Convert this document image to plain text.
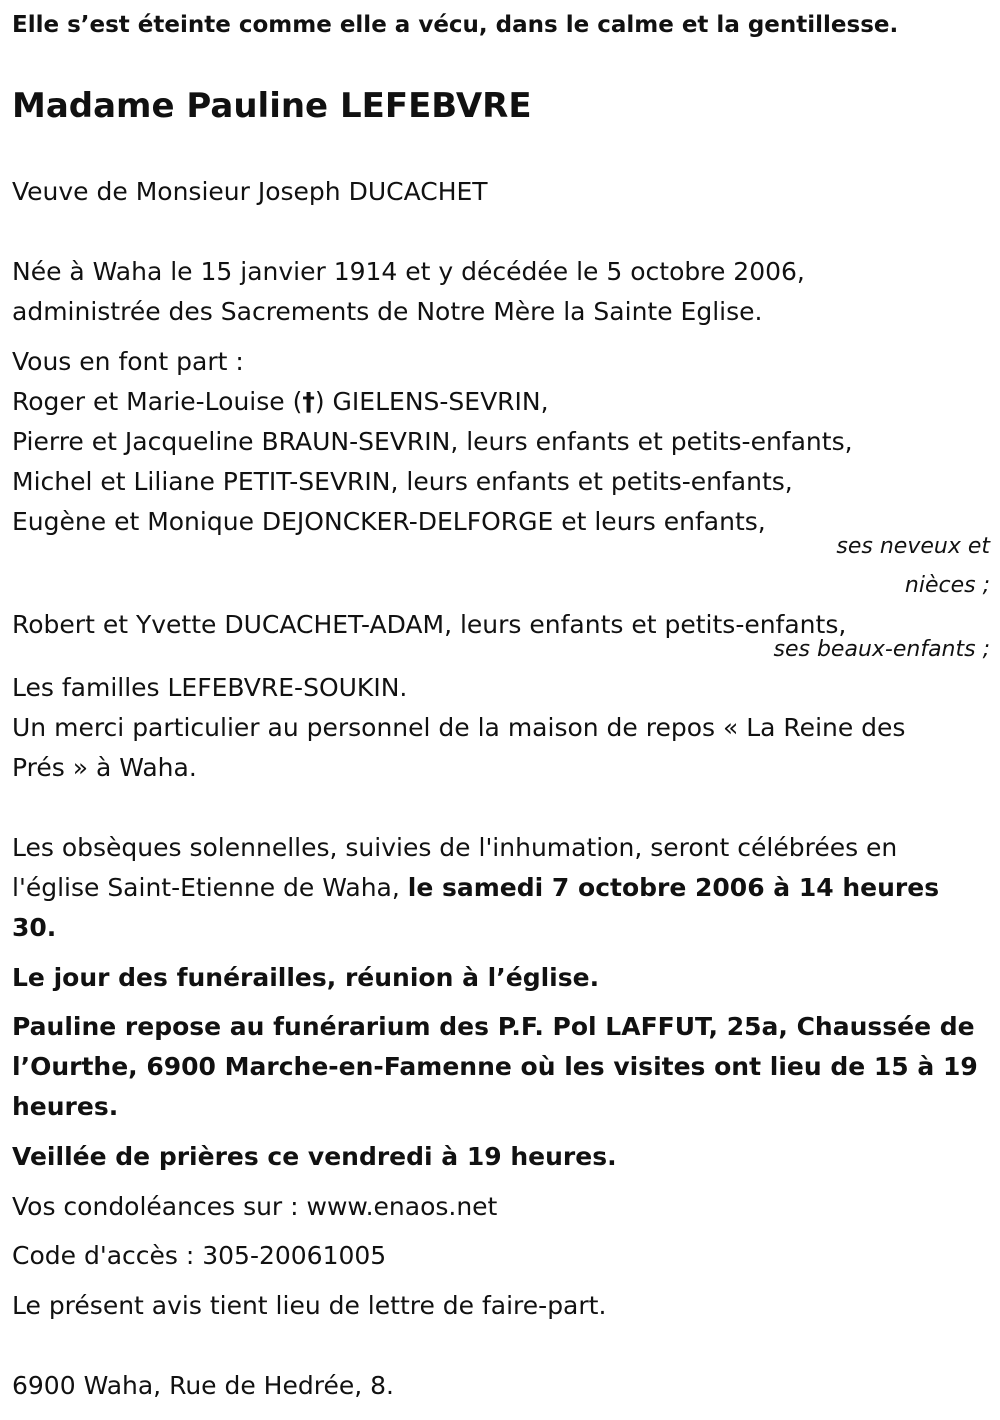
Elle s’est éteinte comme elle a vécu, dans le calme et la gentillesse.
Madame Pauline LEFEBVRE
Veuve de Monsieur Joseph DUCACHET
Née à Waha le 15 janvier 1914 et y décédée le 5 octobre 2006,
administrée des Sacrements de Notre Mère la Sainte Eglise.
Vous en font part :
Roger et Marie-Louise (†) GIELENS-SEVRIN,
Pierre et Jacqueline BRAUN-SEVRIN, leurs enfants et petits-enfants,
Michel et Liliane PETIT-SEVRIN, leurs enfants et petits-enfants,
Eugène et Monique DEJONCKER-DELFORGE et leurs enfants,
ses neveux et
nièces ;
Robert et Yvette DUCACHET-ADAM, leurs enfants et petits-enfants,
ses beaux-enfants ;
Les familles LEFEBVRE-SOUKIN.
Un merci particulier au personnel de la maison de repos « La Reine des
Prés » à Waha.
Les obsèques solennelles, suivies de l'inhumation, seront célébrées en
l'église Saint-Etienne de Waha, le samedi 7 octobre 2006 à 14 heures
30.
Le jour des funérailles, réunion à l’église.
Pauline repose au funérarium des P.F. Pol LAFFUT, 25a, Chaussée de
l’Ourthe, 6900 Marche-en-Famenne où les visites ont lieu de 15 à 19
heures.
Veillée de prières ce vendredi à 19 heures.
Vos condoléances sur : www.enaos.net
Code d'accès : 305-20061005
Le présent avis tient lieu de lettre de faire-part.
6900 Waha, Rue de Hedrée, 8.
